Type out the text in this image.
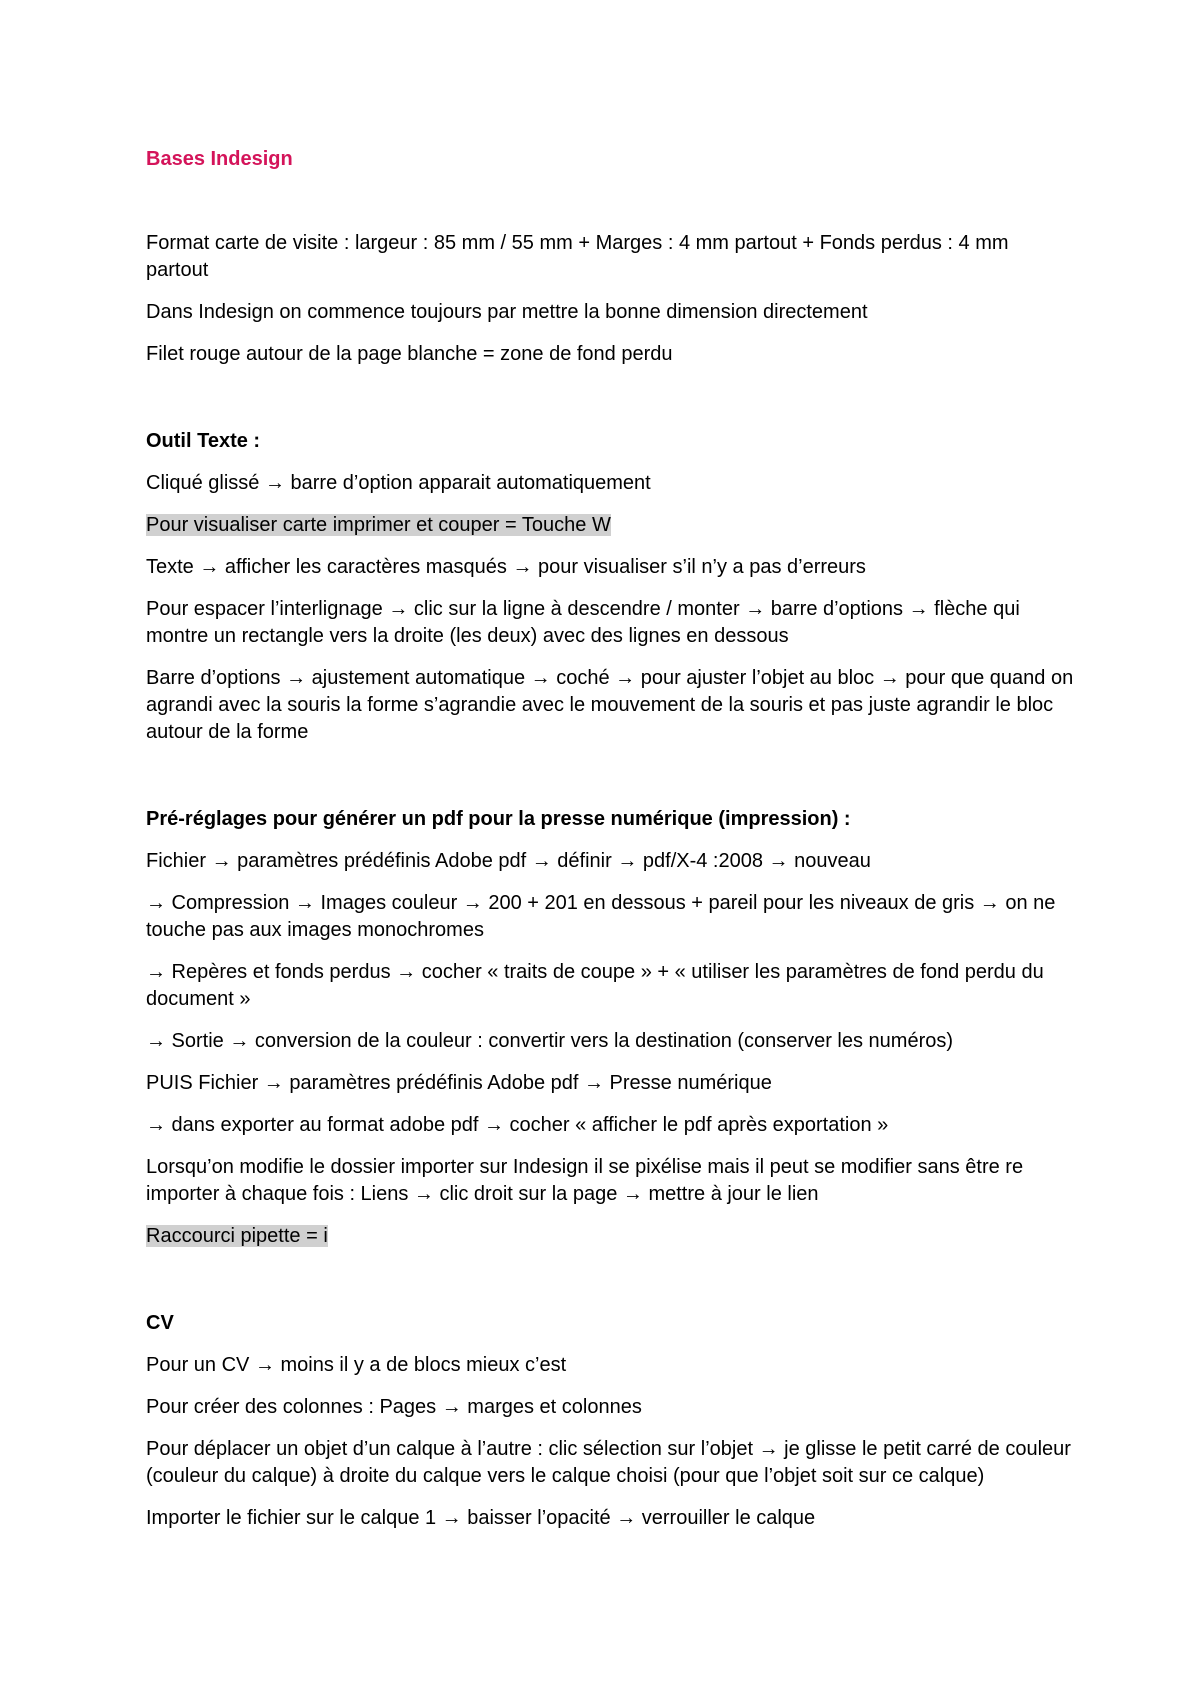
Bases Indesign

Format carte de visite : largeur : 85 mm / 55 mm + Marges : 4 mm partout + Fonds perdus : 4 mm partout

Dans Indesign on commence toujours par mettre la bonne dimension directement

Filet rouge autour de la page blanche = zone de fond perdu

Outil Texte :

Cliqué glissé → barre d’option apparait automatiquement

Pour visualiser carte imprimer et couper = Touche W

Texte → afficher les caractères masqués → pour visualiser s’il n’y a pas d’erreurs

Pour espacer l’interlignage → clic sur la ligne à descendre / monter → barre d’options → flèche qui montre un rectangle vers la droite (les deux) avec des lignes en dessous

Barre d’options → ajustement automatique → coché → pour ajuster l’objet au bloc → pour que quand on agrandi avec la souris la forme s’agrandie avec le mouvement de la souris et pas juste agrandir le bloc autour de la forme

Pré-réglages pour générer un pdf pour la presse numérique (impression) :

Fichier → paramètres prédéfinis Adobe pdf → définir → pdf/X-4 :2008 → nouveau

→ Compression → Images couleur → 200 + 201 en dessous + pareil pour les niveaux de gris → on ne touche pas aux images monochromes

→ Repères et fonds perdus → cocher « traits de coupe » + « utiliser les paramètres de fond perdu du document »

→ Sortie → conversion de la couleur : convertir vers la destination (conserver les numéros)

PUIS Fichier → paramètres prédéfinis Adobe pdf → Presse numérique

→ dans exporter au format adobe pdf → cocher « afficher le pdf après exportation »

Lorsqu’on modifie le dossier importer sur Indesign il se pixélise mais il peut se modifier sans être re importer à chaque fois : Liens → clic droit sur la page → mettre à jour le lien

Raccourci pipette = i

CV

Pour un CV → moins il y a de blocs mieux c’est

Pour créer des colonnes : Pages → marges et colonnes

Pour déplacer un objet d’un calque à l’autre : clic sélection sur l’objet → je glisse le petit carré de couleur (couleur du calque) à droite du calque vers le calque choisi (pour que l’objet soit sur ce calque)

Importer le fichier sur le calque 1 → baisser l’opacité → verrouiller le calque
